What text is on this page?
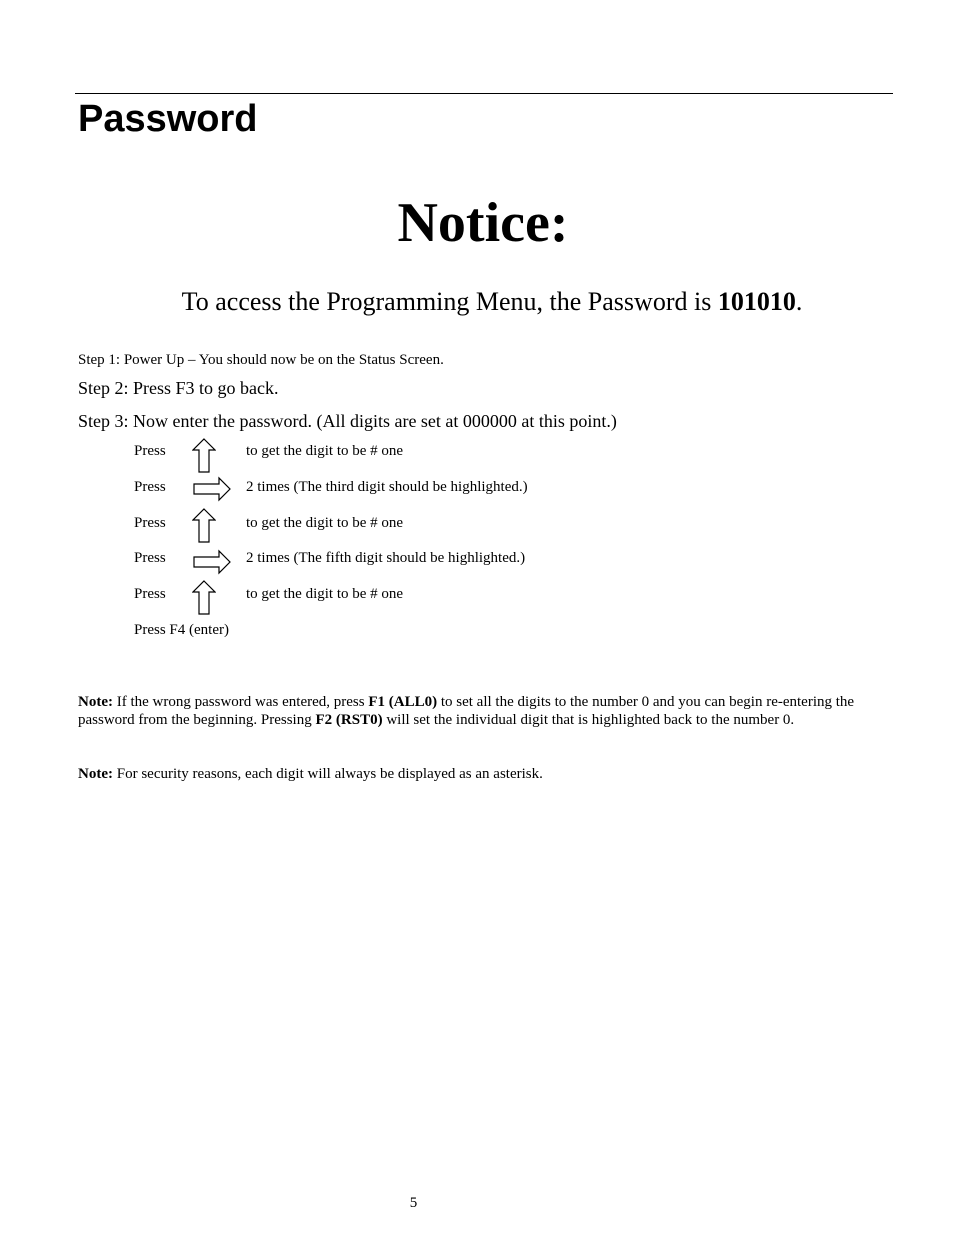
Password
Notice:
To access the Programming Menu, the Password is 101010.
Step 1: Power Up – You should now be on the Status Screen.
Step 2: Press F3 to go back.
Step 3: Now enter the password. (All digits are set at 000000 at this point.)
Press	to get the digit to be # one
Press	2 times (The third digit should be highlighted.)
Press	to get the digit to be # one
Press	2 times (The fifth digit should be highlighted.)
Press	to get the digit to be # one
Press F4 (enter)
Note: If the wrong password was entered, press F1 (ALL0) to set all the digits to the number 0 and you can begin re-entering the password from the beginning. Pressing F2 (RST0) will set the individual digit that is highlighted back to the number 0.
Note: For security reasons, each digit will always be displayed as an asterisk.
5
